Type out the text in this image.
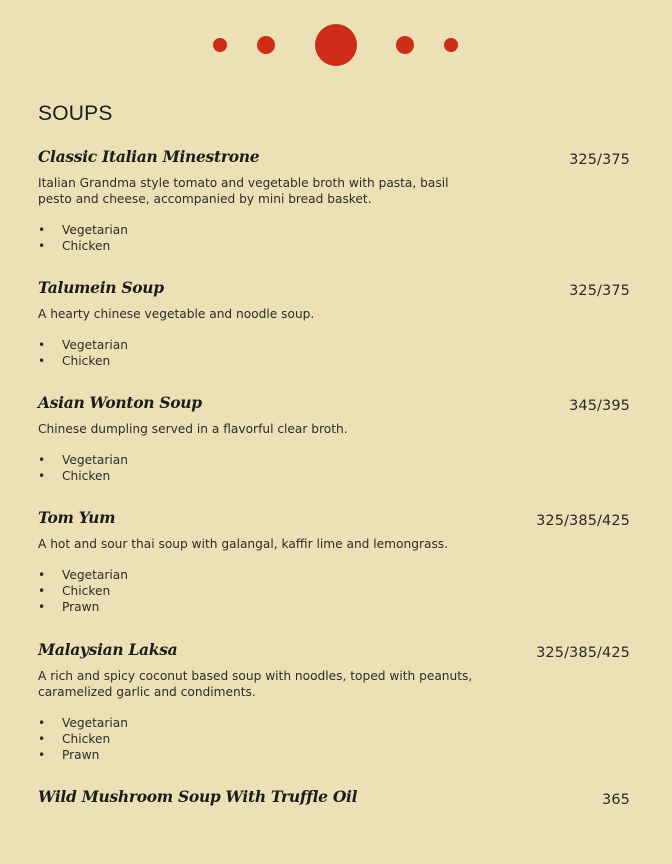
SOUPS
Classic Italian Minestrone	325/375
Italian Grandma style tomato and vegetable broth with pasta, basil pesto and cheese, accompanied by mini bread basket.
• Vegetarian
• Chicken
Talumein Soup	325/375
A hearty chinese vegetable and noodle soup.
• Vegetarian
• Chicken
Asian Wonton Soup	345/395
Chinese dumpling served in a flavorful clear broth.
• Vegetarian
• Chicken
Tom Yum	325/385/425
A hot and sour thai soup with galangal, kaffir lime and lemongrass.
• Vegetarian
• Chicken
• Prawn
Malaysian Laksa	325/385/425
A rich and spicy coconut based soup with noodles, toped with peanuts, caramelized garlic and condiments.
• Vegetarian
• Chicken
• Prawn
Wild Mushroom Soup With Truffle Oil	365
